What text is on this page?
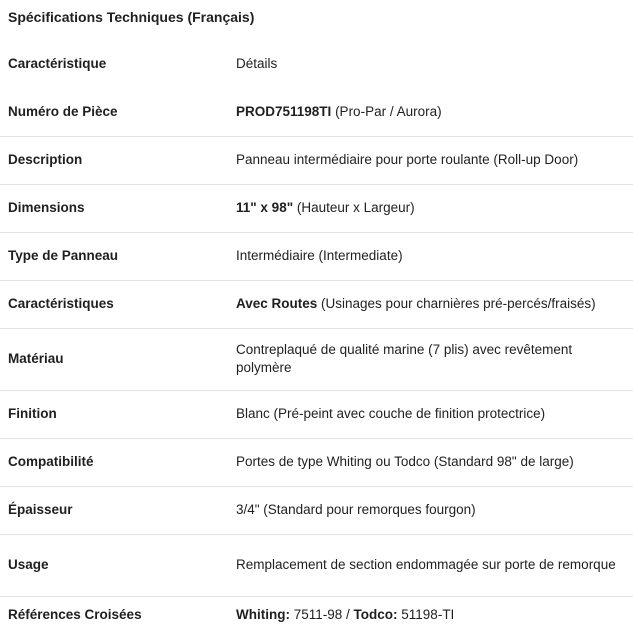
Spécifications Techniques (Français)
Caractéristique	Détails
Numéro de Pièce	PROD751198TI (Pro-Par / Aurora)
Description	Panneau intermédiaire pour porte roulante (Roll-up Door)
Dimensions	11" x 98" (Hauteur x Largeur)
Type de Panneau	Intermédiaire (Intermediate)
Caractéristiques	Avec Routes (Usinages pour charnières pré-percés/fraisés)
Matériau	Contreplaqué de qualité marine (7 plis) avec revêtement polymère
Finition	Blanc (Pré-peint avec couche de finition protectrice)
Compatibilité	Portes de type Whiting ou Todco (Standard 98" de large)
Épaisseur	3/4" (Standard pour remorques fourgon)
Usage	Remplacement de section endommagée sur porte de remorque
Références Croisées	Whiting: 7511-98 / Todco: 51198-TI
